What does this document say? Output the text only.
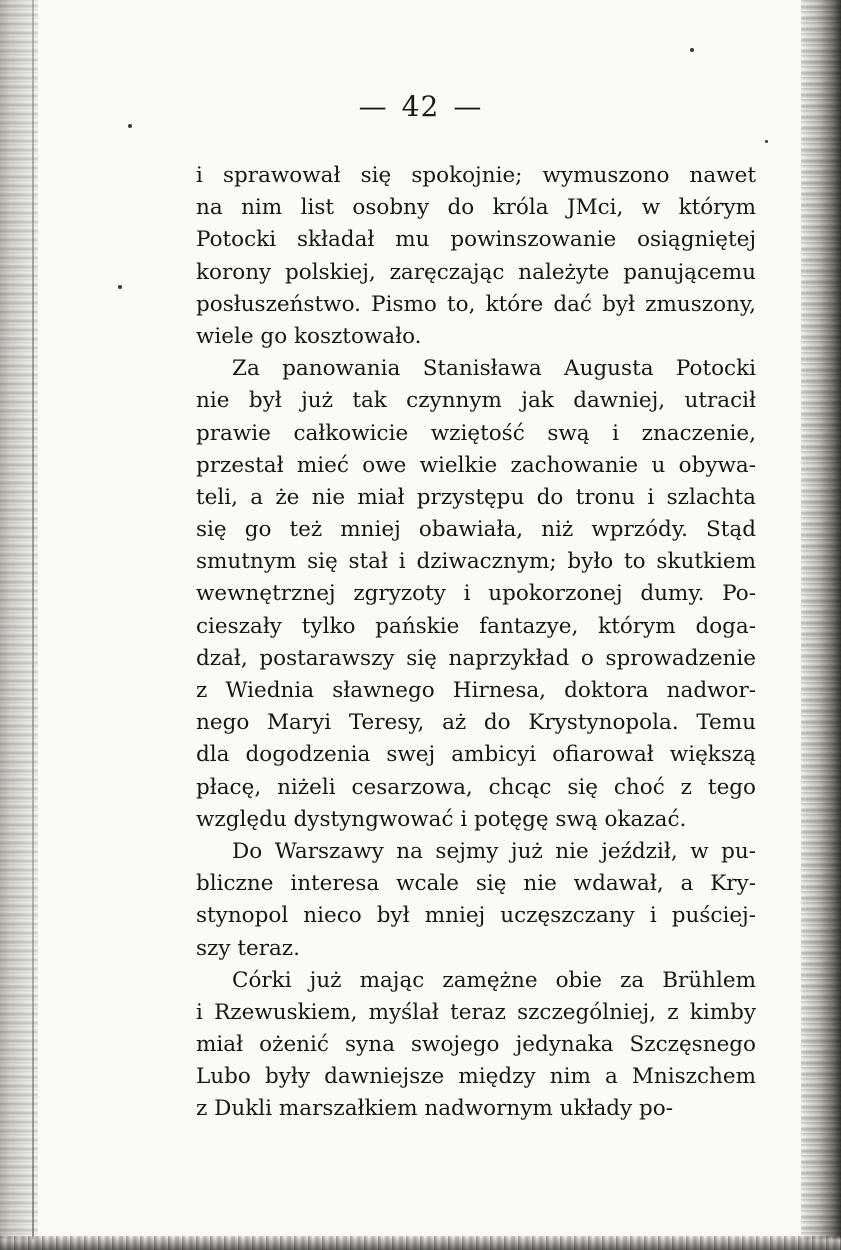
— 42 —
i sprawował się spokojnie; wymuszono nawet
na nim list osobny do króla JMci, w którym
Potocki składał mu powinszowanie osiągniętej
korony polskiej, zaręczając należyte panującemu
posłuszeństwo. Pismo to, które dać był zmuszony,
wiele go kosztowało.
Za panowania Stanisława Augusta Potocki
nie był już tak czynnym jak dawniej, utracił
prawie całkowicie wziętość swą i znaczenie,
przestał mieć owe wielkie zachowanie u obywa-
teli, a że nie miał przystępu do tronu i szlachta
się go też mniej obawiała, niż wprzódy. Stąd
smutnym się stał i dziwacznym; było to skutkiem
wewnętrznej zgryzoty i upokorzonej dumy. Po-
cieszały tylko pańskie fantazye, którym doga-
dzał, postarawszy się naprzykład o sprowadzenie
z Wiednia sławnego Hirnesa, doktora nadwor-
nego Maryi Teresy, aż do Krystynopola. Temu
dla dogodzenia swej ambicyi ofiarował większą
płacę, niżeli cesarzowa, chcąc się choć z tego
względu dystyngwować i potęgę swą okazać.
Do Warszawy na sejmy już nie jeździł, w pu-
bliczne interesa wcale się nie wdawał, a Kry-
stynopol nieco był mniej uczęszczany i puściej-
szy teraz.
Córki już mając zamężne obie za Brühlem
i Rzewuskiem, myślał teraz szczególniej, z kimby
miał ożenić syna swojego jedynaka Szczęsnego
Lubo były dawniejsze między nim a Mniszchem
z Dukli marszałkiem nadwornym układy po-
